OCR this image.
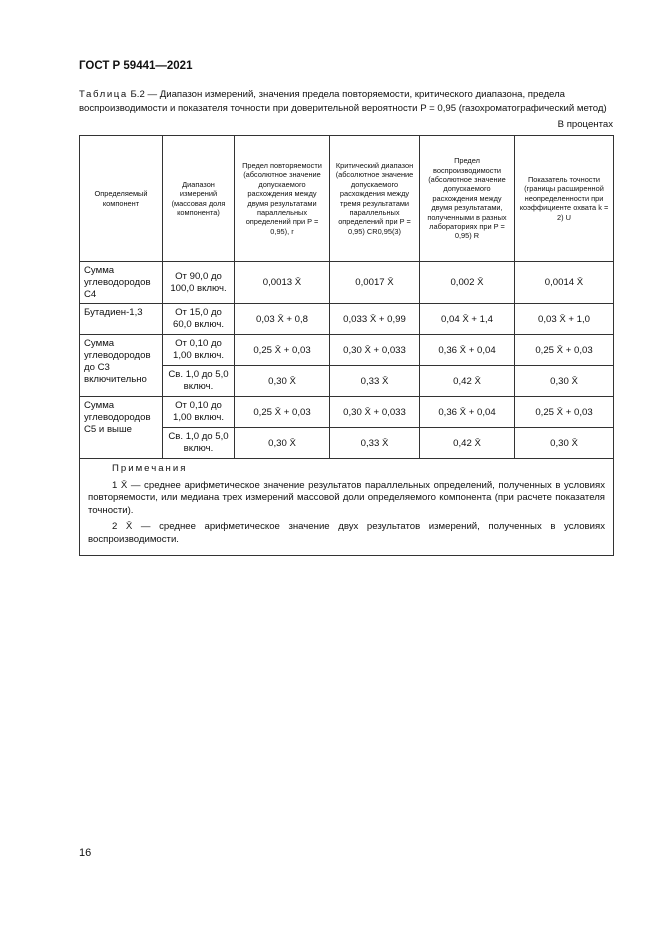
ГОСТ Р 59441—2021
Таблица Б.2 — Диапазон измерений, значения предела повторяемости, критического диапазона, предела воспроизводимости и показателя точности при доверительной вероятности P = 0,95 (газохроматографический метод)
В процентах
Определяемый компонент	Диапазон измерений (массовая доля компонента)	Предел повторяемости (абсолютное значение допускаемого расхождения между двумя результатами параллельных определений при P = 0,95), r	Критический диапазон (абсолютное значение допускаемого расхождения между тремя результатами параллельных определений при P = 0,95) CR0,95(3)	Предел воспроизводимости (абсолютное значение допускаемого расхождения между двумя результатами, полученными в разных лабораториях при P = 0,95) R	Показатель точности (границы расширенной неопределенности при коэффициенте охвата k = 2) U
Сумма углеводородов C4	От 90,0 до 100,0 включ.	0,0013 X̄	0,0017 X̄	0,002 X̄	0,0014 X̄
Бутадиен-1,3	От 15,0 до 60,0 включ.	0,03 X̄ + 0,8	0,033 X̄ + 0,99	0,04 X̄ + 1,4	0,03 X̄ + 1,0
Сумма углеводородов до C3 включительно	От 0,10 до 1,00 включ.	0,25 X̄ + 0,03	0,30 X̄ + 0,033	0,36 X̄ + 0,04	0,25 X̄ + 0,03
	Св. 1,0 до 5,0 включ.	0,30 X̄	0,33 X̄	0,42 X̄	0,30 X̄
Сумма углеводородов C5 и выше	От 0,10 до 1,00 включ.	0,25 X̄ + 0,03	0,30 X̄ + 0,033	0,36 X̄ + 0,04	0,25 X̄ + 0,03
	Св. 1,0 до 5,0 включ.	0,30 X̄	0,33 X̄	0,42 X̄	0,30 X̄

Примечания
1 X̄ — среднее арифметическое значение результатов параллельных определений, полученных в условиях повторяемости, или медиана трех измерений массовой доли определяемого компонента (при расчете показателя точности).
2 X̄ — среднее арифметическое значение двух результатов измерений, полученных в условиях воспроизводимости.					
16
